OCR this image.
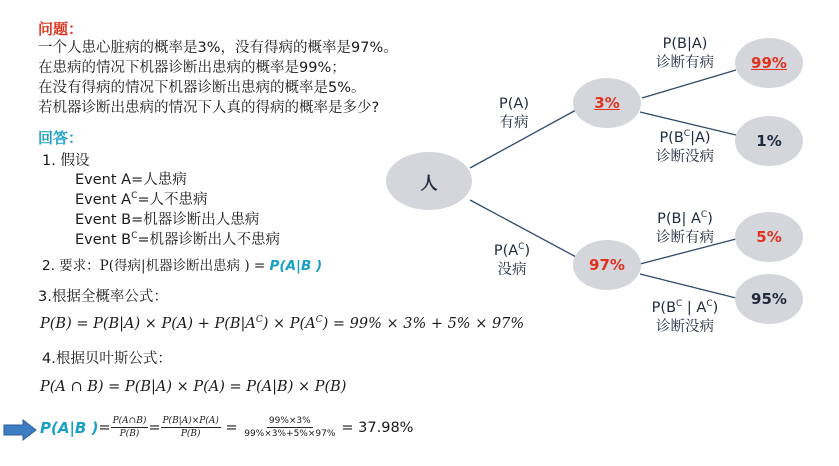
问题：
一个人患心脏病的概率是3%，没有得病的概率是97%。
在患病的情况下机器诊断出患病的概率是99%；
在没有得病的情况下机器诊断出患病的概率是5%。
若机器诊断出患病的情况下人真的得病的概率是多少?
回答：
1. 假设
Event A=人患病
Event $A^C=$人不患病
Event B=机器诊断出人患病
Event $B^C=$机器诊断出人不患病
2. 要求：P(得病|机器诊断出患病 ) = P(A|B )
3.根据全概率公式：
$P(B) = P(B|A) \times P(A) + P(B|A^C) \times P(A^C) = 99\% \times 3\% + 5\% \times 97\%$
4.根据贝叶斯公式：
P(A ∩ B) = P(B|A) × P(A) = P(A|B) × P(B)
P(A|B ) = $\frac{P(A\cap B)}{P(B)} = \frac{P(B|A)\times P(A)}{P(B)} = \frac{99\%\times 3\%}{99\%\times 3\%+5\%\times 97\%} = 37.98\%$
人
3%
97%
99%
1%
5%
95%
P(A)
有病
$P(A^C)$
没病
P(B|A)
诊断有病
$P(B^C|A)$
诊断没病
P(B| $A^C$)
诊断有病
$P(B^C$ | $A^C$)
诊断没病
